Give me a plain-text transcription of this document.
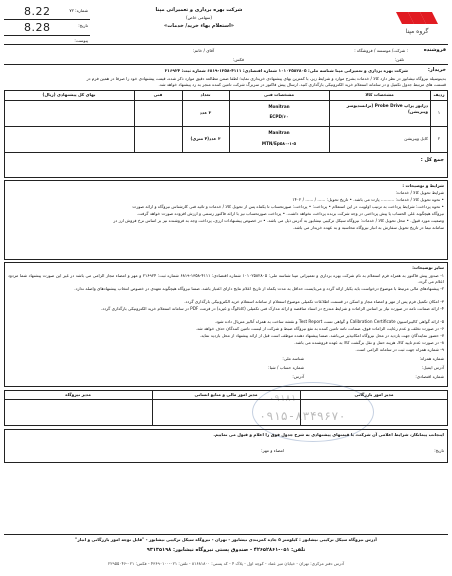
گروه مپنا
شرکت بهره برداری و تعمیراتی مپنا
(سهامی خاص)
«استعلام بهاء خرید/ خدمات»
شماره: ۷۲
تاریخ:
پیوست:
8.22
8.28
فروشنده
: شرکت/ موسسه / فروشگاه :
آقای / خانم:
تلفن:
فکس:
خریدار:
شرکت بهره برداری و تعمیراتی مپنا شناسه ملی: ۱۰۱۰۲۵۸۲۸۰۵ شماره اقتصادی: ۴۱۱۱-۱۳۵۸-۶۸۱۹ شماره ثبت: ۲۱۶۹۲۴
بدینوسیله نیروگاه نیشابور در نظر دارد کالا / خدمات بشرح موارد و شرایط زیر، با کمترین بهای پیشنهادی خریداری نماید؛ لطفا ضمن مطالعه دقیق موارد ذکر شده، قیمت پیشنهادی خود را صرفا در همین فرم در
قسمت های مرتبط جدول تکمیل و در سامانه استعلام خرید الکترونیکی بارگذاری کنید. ارسال پیش فاکتور در سربرگ شرکت تامین کننده منجر به رد پیشنهاد خواهد شد.
ردیف
مشخصات کالا
مشخصات فنی
تعداد
فنی
بهای کل پیشنهادی (ریال)
۱
درایور پراپ Probe Drive (ترانسدیوسر ویبریشن)
Monitran
ECPD/۶۰
۳ عدد
۲
کابل ویبریشن
Manitran
MTN/Ep۵۸۰-۱-۵
۳ عدد(۴ متری)
جمع کل :
شرایط و توضیحات :
شرایط تحویل کالا / خدمات:
• نحوه تحویل کالا / خدمات: .......... پارت می باشد. • تاریخ تحویل: ...... / ...... / ۱۴۰۲
• نحوه پرداخت: شرایط پرداخت به ترتیب اولویت در این استعلام • پرداخت: • پرداخت: صورتحساب تا یکماه پس از تحویل کالا / خدمات و تائید فنی کارشناس نیروگاه و ارائه صورت
نیروگاه هیچگونه علی الحساب یا پیش پرداختی در وجه شرکت برنده پرداخت نخواهد داشت. • پرداخت صورتحساب نیز با ارائه فاکتور رسمی و ارزش افزوده صورت خواهد گرفت.
وضعیت مورد قبول. • محل تحویل کالا / خدمات: نیروگاه سیکل ترکیبی نیشابور به آدرس ذیل می باشد. • در خصوص پیشنهادات ارزی، پرداخت وجه به فروشنده نیز بر اساس نرخ فروش ارز در
سامانه نیما در تاریخ تحویل سفارش به انبار نیروگاه محاسبه و به عهده خریدار می باشد.
سایر توضیحات:
۱- صدور پیش فاکتور به همراه فرم استعلام به نام شرکت بهره برداری و تعمیراتی مپنا شناسه ملی: ۱۰۱۰۲۵۸۲۸۰۵ شماره اقتصادی: ۴۱۱۱-۱۳۵۸-۶۸۱۹ شماره ثبت: ۲۱۶۹۲۴ و مهر و امضاء مجاز الزامی می باشد در غیر این صورت پیشنهاد شما مردود اعلام می گردد.
۲- پیشنهادهای مالی مرتبط با موضوع درخواست باید یکبار ارائه گردد و می‌بایست حداقل به مدت یکماه از تاریخ اعلام نتایج دارای اعتبار باشد. ضمنا نیروگاه هیچگونه تعهدی در خصوص انتخاب پیشنهادهای واصله ندارد.
۳- امکان تکمیل فرم پس از مهر و امضاء مجاز و اسکن در قسمت اطلاعات تکمیلی موضوع استعلام از سامانه استعلام خرید الکترونیکی بارگذاری گردد.
۴- ارائه ضمانت نامه در صورت نیاز بر اساس الزامات و شرایط مندرج در اسناد مناقصه و ارائه مدارک فنی تکمیلی (کاتالوگ و غیره) در فرمت PDF در سامانه استعلام خرید الکترونیکی بارگذاری گردد.
۵- ارائه گواهی کالیبراسیون Calibration Certificate و گواهی تست Test Report و نقشه ساخت به همراه آنالیز متریال داده شود.
۶- در صورت تخلف و عدم رعایت الزامات فوق، ضمانت نامه تامین کننده به نفع نیروگاه ضبط و شرکت از لیست تامین کنندگان حذف خواهد شد.
۷- حضور نمایندگان جهت بازدید در محل نیروگاه امکانپذیر می‌باشد. ضمنا پیشنهاد دهنده موظف است قبل از ارائه پیشنهاد از محل بازدید نماید.
۸- در صورت عدم تایید کالا، هزینه حمل و نقل برگشت کالا به عهده فروشنده می باشد.
۹- شماره همراه جهت ثبت در سامانه الزامی است.
شماره همراه:
شناسه ملی:
آدرس ایمیل:
شماره حساب / شبا:
شماره اقتصادی:
آدرس:
۰۹۱۸۱
۰۹۱۵-۸۳۴۹۶۷۰
مدیر امور بازرگانی
مدیر امور مالی و منابع انسانی
مدیر نیروگاه
اینجانب پیمانکار، شرایط اعلامی آن شرکت، با قیمتهای پیشنهادی به شرح جدول فوق را اعلام و قبول می نماییم.
تاریخ:
امضاء و مهر:
آدرس نیروگاه سیکل ترکیبی نیشابور : کیلومتر ۵ جاده کمربندی نیشابور - تهران - نیروگاه سیکل ترکیبی نیشابور - "قابل توجه امور بازرگانی و انبار"
تلفن: ۰۵۱-۴۲۶۵۲۸۶۱ - صندوق پستی نیروگاه نیشابور: ۹۳۱۳۵۱۹۸
آدرس دفتر مرکزی: تهران - خیابان میر عماد - کوچه اول - پلاک ۴ - کد پستی: ۸۱۶۸۱۸۰۰ - تلفن: ۰۲۱-۴۳۶۹۰۱۰۰ - فکس: ۰۲۱-۲۲۹۵۵۰۴۶
